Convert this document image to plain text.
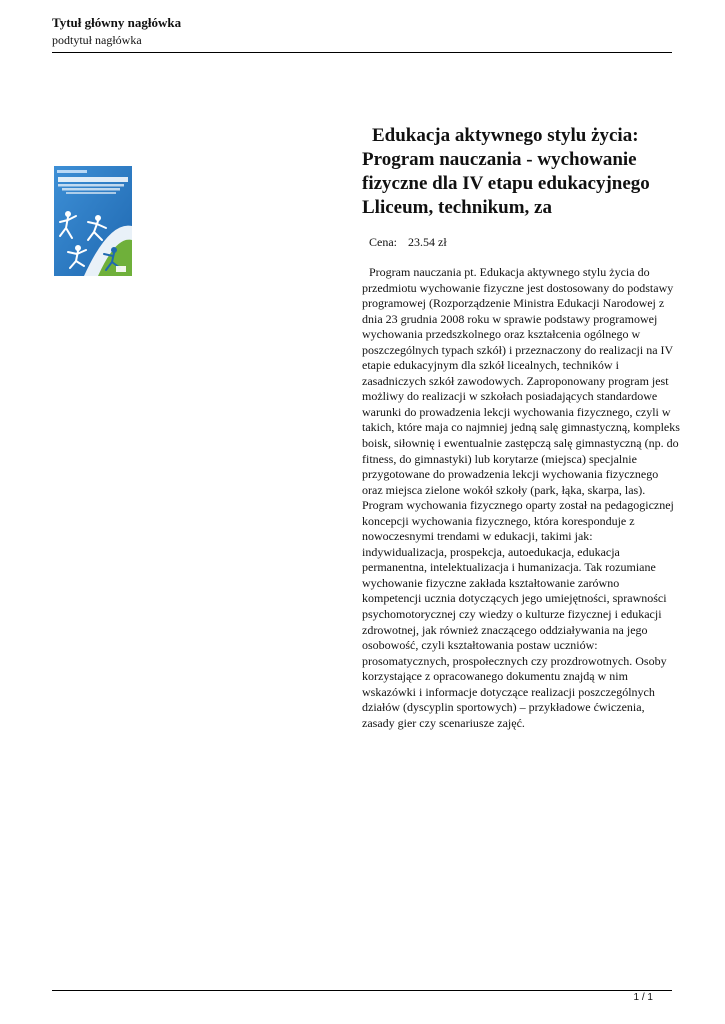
Tytuł główny nagłówka
podtytuł nagłówka
Edukacja aktywnego stylu życia: Program nauczania - wychowanie fizyczne dla IV etapu edukacyjnego Lliceum, technikum, za
Cena: 23.54 zł

Program nauczania pt. Edukacja aktywnego stylu życia do przedmiotu wychowanie fizyczne jest dostosowany do podstawy programowej (Rozporządzenie Ministra Edukacji Narodowej z dnia 23 grudnia 2008 roku w sprawie podstawy programowej wychowania przedszkolnego oraz kształcenia ogólnego w poszczególnych typach szkół) i przeznaczony do realizacji na IV etapie edukacyjnym dla szkół licealnych, techników i zasadniczych szkół zawodowych. Zaproponowany program jest możliwy do realizacji w szkołach posiadających standardowe warunki do prowadzenia lekcji wychowania fizycznego, czyli w takich, które maja co najmniej jedną salę gimnastyczną, kompleks boisk, siłownię i ewentualnie zastępczą salę gimnastyczną (np. do fitness, do gimnastyki) lub korytarze (miejsca) specjalnie przygotowane do prowadzenia lekcji wychowania fizycznego oraz miejsca zielone wokół szkoły (park, łąka, skarpa, las). Program wychowania fizycznego oparty został na pedagogicznej koncepcji wychowania fizycznego, która koresponduje z nowoczesnymi trendami w edukacji, takimi jak: indywidualizacja, prospekcja, autoedukacja, edukacja permanentna, intelektualizacja i humanizacja. Tak rozumiane wychowanie fizyczne zakłada kształtowanie zarówno kompetencji ucznia dotyczących jego umiejętności, sprawności psychomotorycznej czy wiedzy o kulturze fizycznej i edukacji zdrowotnej, jak również znaczącego oddziaływania na jego osobowość, czyli kształtowania postaw uczniów: prosomatycznych, prospołecznych czy prozdrowotnych. Osoby korzystające z opracowanego dokumentu znajdą w nim wskazówki i informacje dotyczące realizacji poszczególnych działów (dyscyplin sportowych) – przykładowe ćwiczenia, zasady gier czy scenariusze zajęć.

1 / 1
